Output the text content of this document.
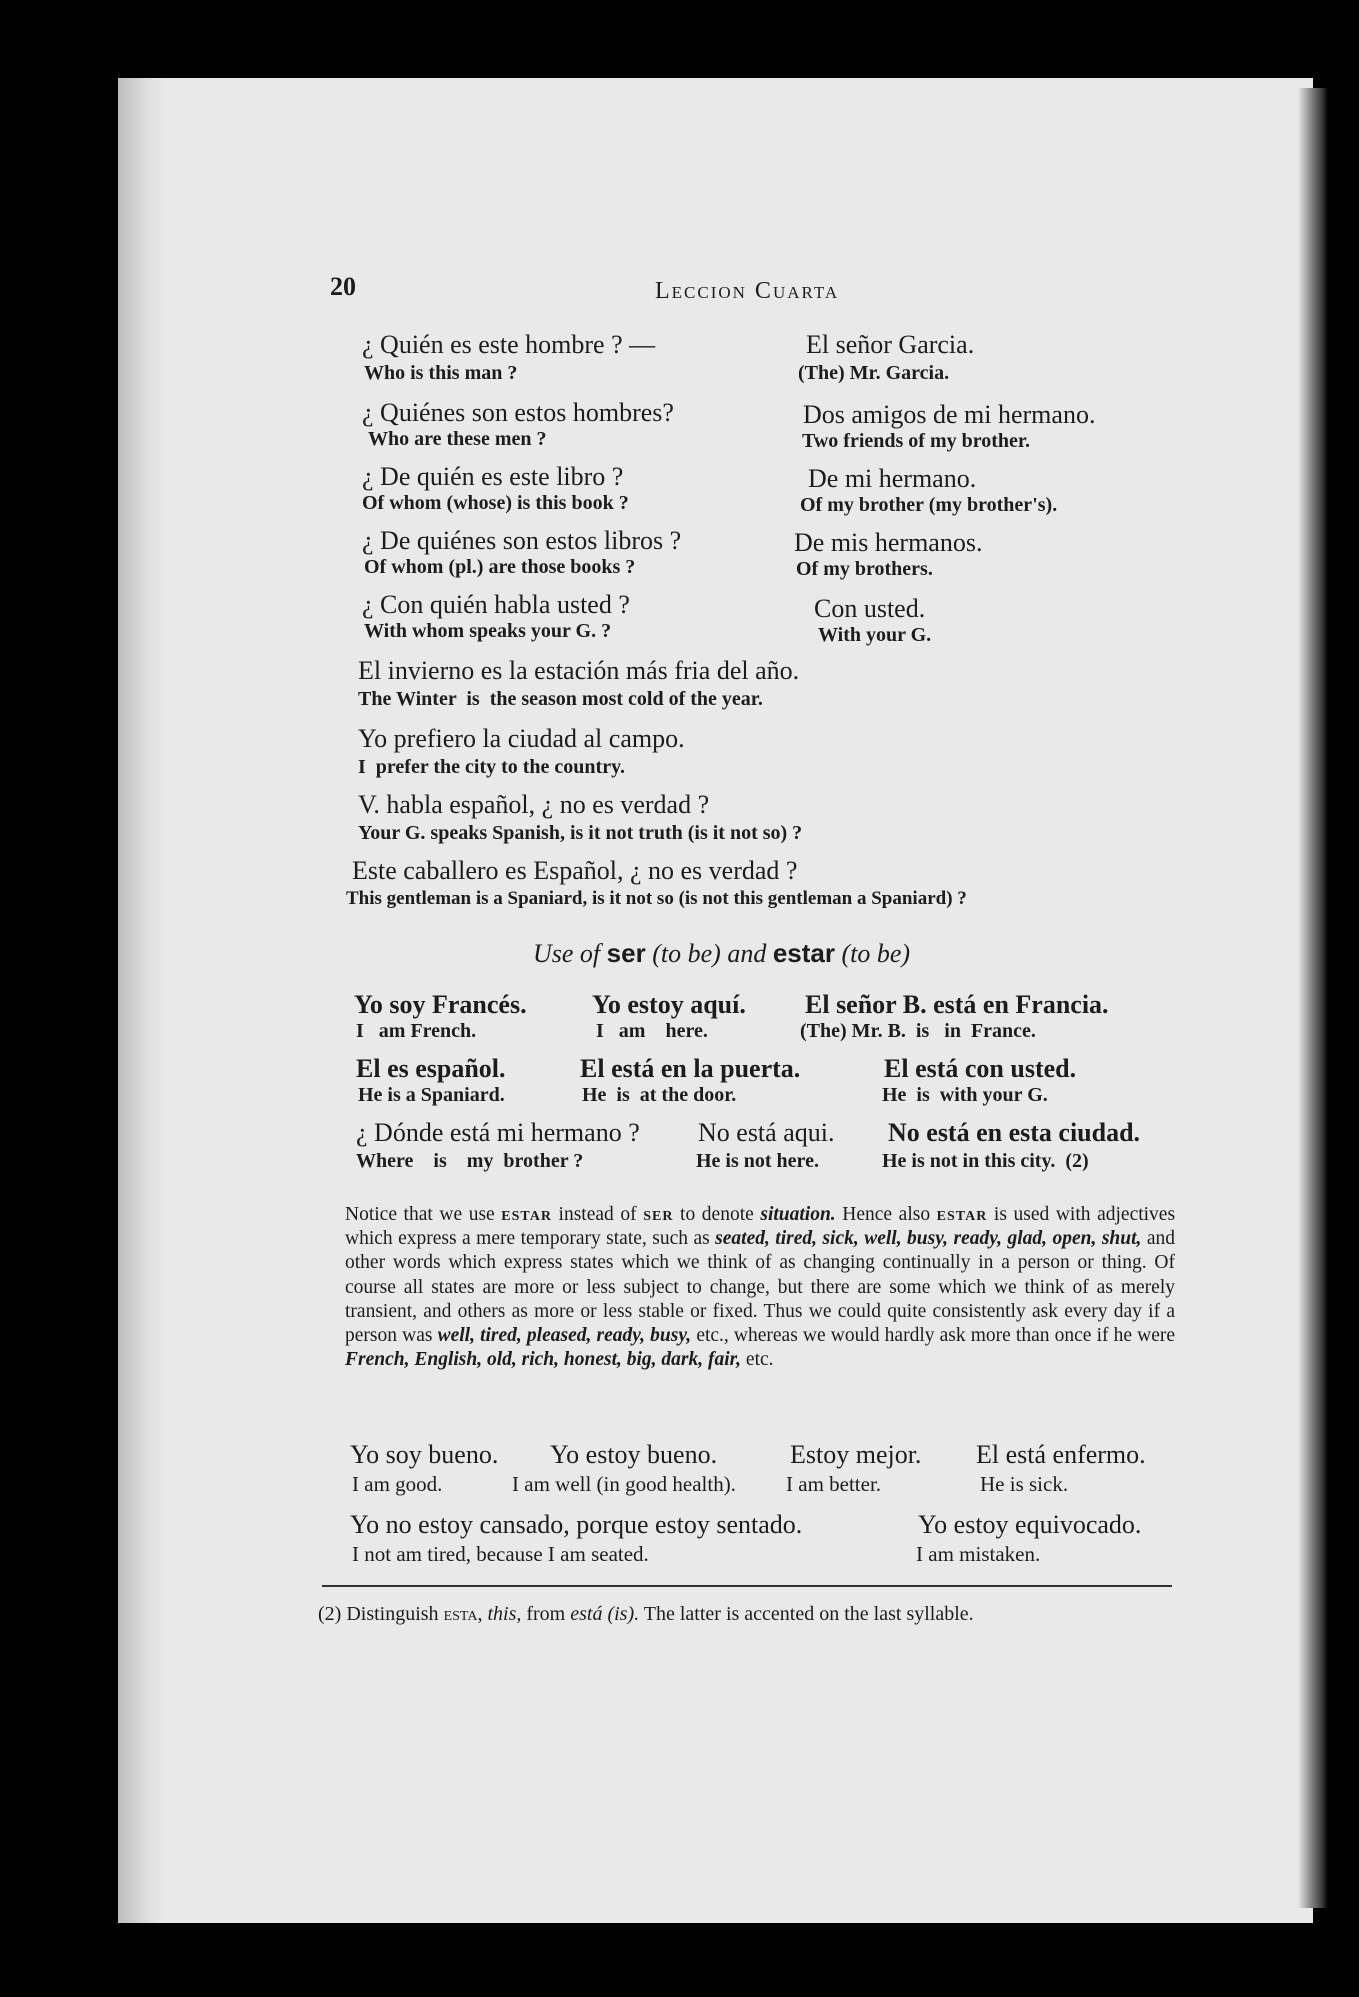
20	Leccion Cuarta
¿ Quién es este hombre ? —
Who is this man ?
El señor Garcia.
(The) Mr. Garcia.
¿ Quiénes son estos hombres?
Who are these men ?
Dos amigos de mi hermano.
Two friends of my brother.
¿ De quién es este libro ?
Of whom (whose) is this book ?
De mi hermano.
Of my brother (my brother's).
¿ De quiénes son estos libros ?
Of whom (pl.) are those books ?
De mis hermanos.
Of my brothers.
¿ Con quién habla usted ?
With whom speaks your G. ?
Con usted.
With your G.
El invierno es la estación más fria del año.
The Winter  is  the season most cold of the year.
Yo prefiero la ciudad al campo.
I  prefer the city to the country.
V. habla español, ¿ no es verdad ?
Your G. speaks Spanish, is it not truth (is it not so) ?
Este caballero es Español, ¿ no es verdad ?
This gentleman is a Spaniard, is it not so (is not this gentleman a Spaniard) ?
Use of ser (to be) and estar (to be)
Yo soy Francés.
I   am French.
Yo estoy aquí.
I   am    here.
El señor B. está en Francia.
(The) Mr. B.  is   in  France.
El es español.
He is a Spaniard.
El está en la puerta.
He  is  at the door.
El está con usted.
He  is  with your G.
¿ Dónde está mi hermano ?
Where    is    my  brother ?
No está aqui.
He is not here.
No está en esta ciudad.
He is not in this city.  (2)
Notice that we use estar instead of ser to denote situation. Hence also estar is used with adjectives which express a mere temporary state, such as seated, tired, sick, well, busy, ready, glad, open, shut, and other words which express states which we think of as changing continually in a person or thing. Of course all states are more or less subject to change, but there are some which we think of as merely transient, and others as more or less stable or fixed. Thus we could quite consistently ask every day if a person was well, tired, pleased, ready, busy, etc., whereas we would hardly ask more than once if he were French, English, old, rich, honest, big, dark, fair, etc.
Yo soy bueno.
I am good.
Yo estoy bueno.
I am well (in good health).
Estoy mejor.
I am better.
El está enfermo.
He is sick.
Yo no estoy cansado, porque estoy sentado.
I not am tired, because I am seated.
Yo estoy equivocado.
I am mistaken.
(2) Distinguish esta, this, from está (is). The latter is accented on the last syllable.
